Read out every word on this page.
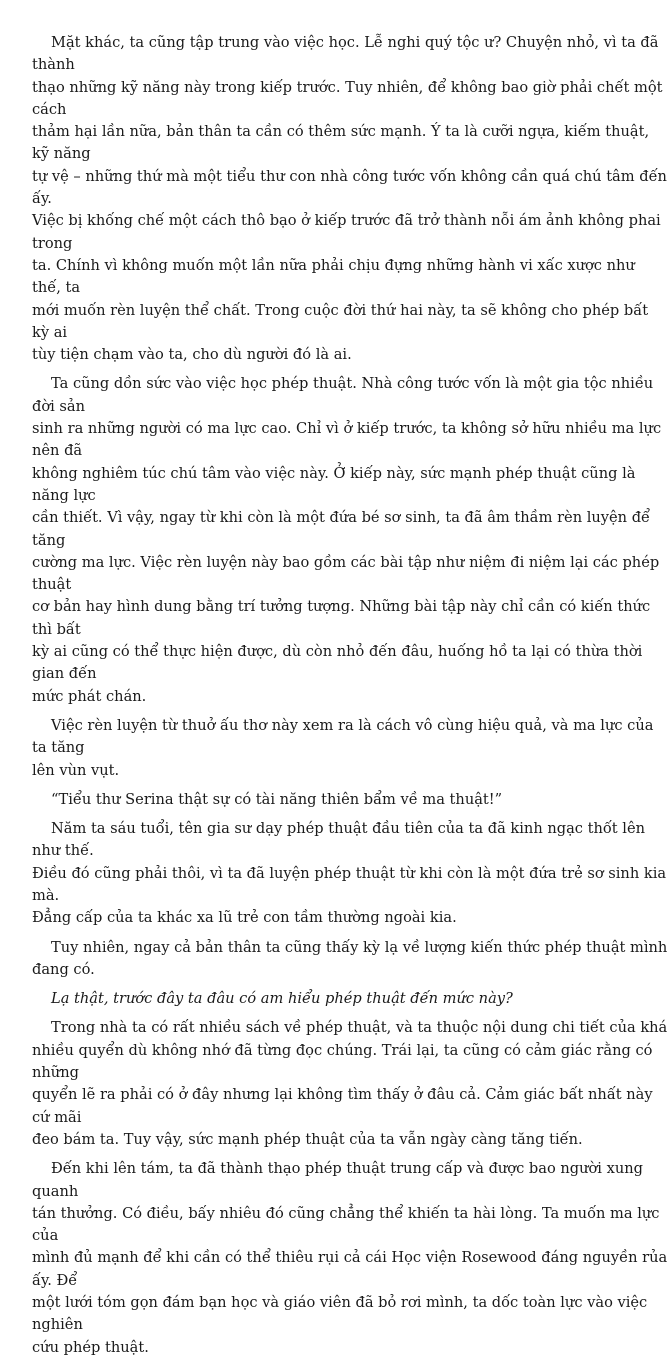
Mặt khác, ta cũng tập trung vào việc học. Lễ nghi quý tộc ư? Chuyện nhỏ, vì ta đã thành
thạo những kỹ năng này trong kiếp trước. Tuy nhiên, để không bao giờ phải chết một cách
thảm hại lần nữa, bản thân ta cần có thêm sức mạnh. Ý ta là cưỡi ngựa, kiếm thuật, kỹ năng
tự vệ – những thứ mà một tiểu thư con nhà công tước vốn không cần quá chú tâm đến ấy.
Việc bị khống chế một cách thô bạo ở kiếp trước đã trở thành nỗi ám ảnh không phai trong
ta. Chính vì không muốn một lần nữa phải chịu đựng những hành vi xấc xược như thế, ta
mới muốn rèn luyện thể chất. Trong cuộc đời thứ hai này, ta sẽ không cho phép bất kỳ ai
tùy tiện chạm vào ta, cho dù người đó là ai.

Ta cũng dồn sức vào việc học phép thuật. Nhà công tước vốn là một gia tộc nhiều đời sản
sinh ra những người có ma lực cao. Chỉ vì ở kiếp trước, ta không sở hữu nhiều ma lực nên đã
không nghiêm túc chú tâm vào việc này. Ở kiếp này, sức mạnh phép thuật cũng là năng lực
cần thiết. Vì vậy, ngay từ khi còn là một đứa bé sơ sinh, ta đã âm thầm rèn luyện để tăng
cường ma lực. Việc rèn luyện này bao gồm các bài tập như niệm đi niệm lại các phép thuật
cơ bản hay hình dung bằng trí tưởng tượng. Những bài tập này chỉ cần có kiến thức thì bất
kỳ ai cũng có thể thực hiện được, dù còn nhỏ đến đâu, huống hồ ta lại có thừa thời gian đến
mức phát chán.

Việc rèn luyện từ thuở ấu thơ này xem ra là cách vô cùng hiệu quả, và ma lực của ta tăng
lên vùn vụt.

“Tiểu thư Serina thật sự có tài năng thiên bẩm về ma thuật!”

Năm ta sáu tuổi, tên gia sư dạy phép thuật đầu tiên của ta đã kinh ngạc thốt lên như thế.
Điều đó cũng phải thôi, vì ta đã luyện phép thuật từ khi còn là một đứa trẻ sơ sinh kia mà.
Đẳng cấp của ta khác xa lũ trẻ con tầm thường ngoài kia.

Tuy nhiên, ngay cả bản thân ta cũng thấy kỳ lạ về lượng kiến thức phép thuật mình
đang có.

Lạ thật, trước đây ta đâu có am hiểu phép thuật đến mức này?

Trong nhà ta có rất nhiều sách về phép thuật, và ta thuộc nội dung chi tiết của khá
nhiều quyển dù không nhớ đã từng đọc chúng. Trái lại, ta cũng có cảm giác rằng có những
quyển lẽ ra phải có ở đây nhưng lại không tìm thấy ở đâu cả. Cảm giác bất nhất này cứ mãi
đeo bám ta. Tuy vậy, sức mạnh phép thuật của ta vẫn ngày càng tăng tiến.

Đến khi lên tám, ta đã thành thạo phép thuật trung cấp và được bao người xung quanh
tán thưởng. Có điều, bấy nhiêu đó cũng chẳng thể khiến ta hài lòng. Ta muốn ma lực của
mình đủ mạnh để khi cần có thể thiêu rụi cả cái Học viện Rosewood đáng nguyền rủa ấy. Để
một lưới tóm gọn đám bạn học và giáo viên đã bỏ rơi mình, ta dốc toàn lực vào việc nghiên
cứu phép thuật.
